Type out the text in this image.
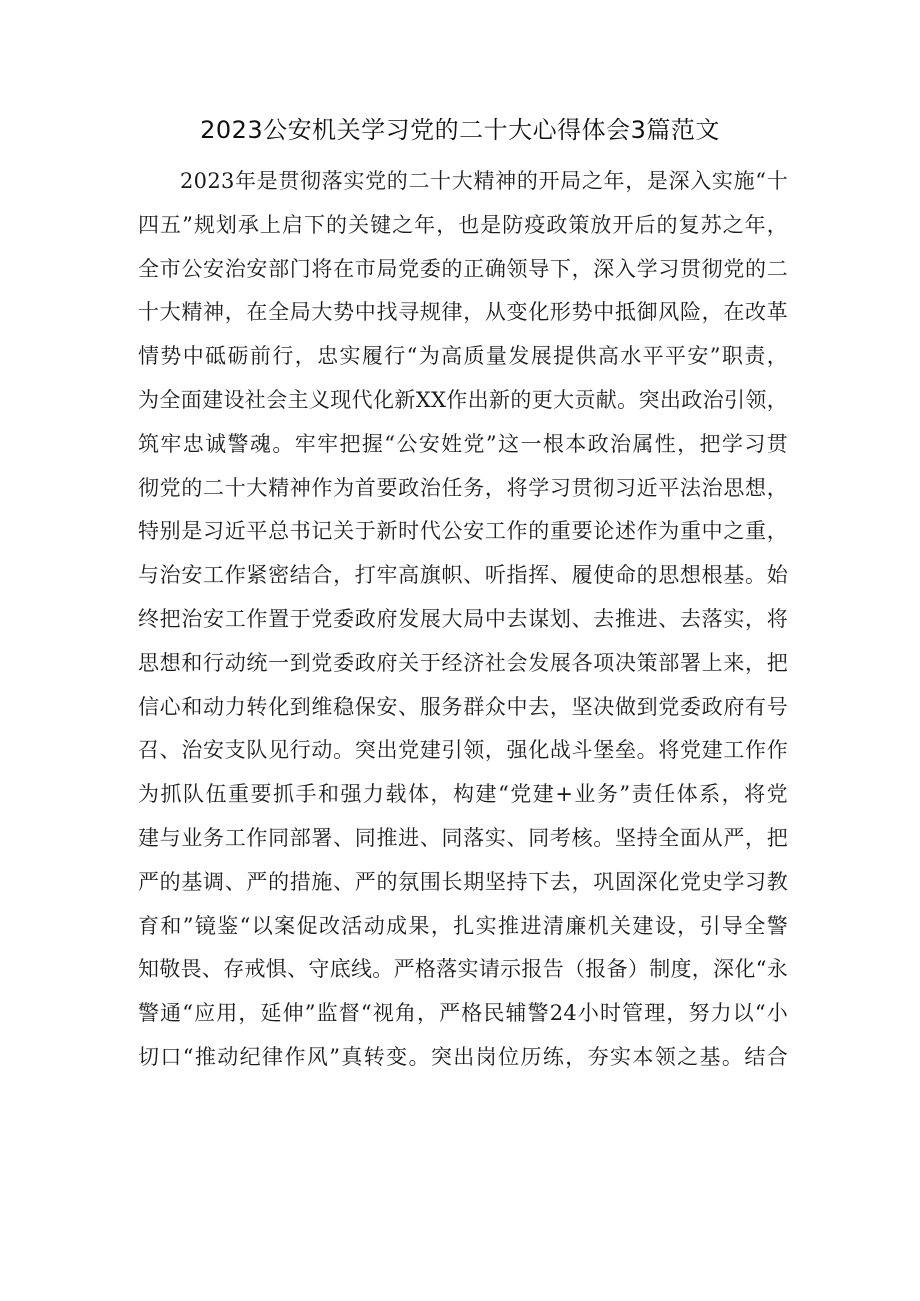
2023公安机关学习党的二十大心得体会3篇范文
2023年是贯彻落实党的二十大精神的开局之年，是深入实施“十
四五”规划承上启下的关键之年，也是防疫政策放开后的复苏之年，
全市公安治安部门将在市局党委的正确领导下，深入学习贯彻党的二
十大精神，在全局大势中找寻规律，从变化形势中抵御风险，在改革
情势中砥砺前行，忠实履行“为高质量发展提供高水平平安”职责，
为全面建设社会主义现代化新XX作出新的更大贡献。突出政治引领，
筑牢忠诚警魂。牢牢把握“公安姓党”这一根本政治属性，把学习贯
彻党的二十大精神作为首要政治任务，将学习贯彻习近平法治思想，
特别是习近平总书记关于新时代公安工作的重要论述作为重中之重，
与治安工作紧密结合，打牢高旗帜、听指挥、履使命的思想根基。始
终把治安工作置于党委政府发展大局中去谋划、去推进、去落实，将
思想和行动统一到党委政府关于经济社会发展各项决策部署上来，把
信心和动力转化到维稳保安、服务群众中去，坚决做到党委政府有号
召、治安支队见行动。突出党建引领，强化战斗堡垒。将党建工作作
为抓队伍重要抓手和强力载体，构建“党建+业务”责任体系，将党
建与业务工作同部署、同推进、同落实、同考核。坚持全面从严，把
严的基调、严的措施、严的氛围长期坚持下去，巩固深化党史学习教
育和”镜鉴“以案促改活动成果，扎实推进清廉机关建设，引导全警
知敬畏、存戒惧、守底线。严格落实请示报告（报备）制度，深化“永
警通“应用，延伸”监督“视角，严格民辅警24小时管理，努力以“小
切口“推动纪律作风”真转变。突出岗位历练，夯实本领之基。结合
